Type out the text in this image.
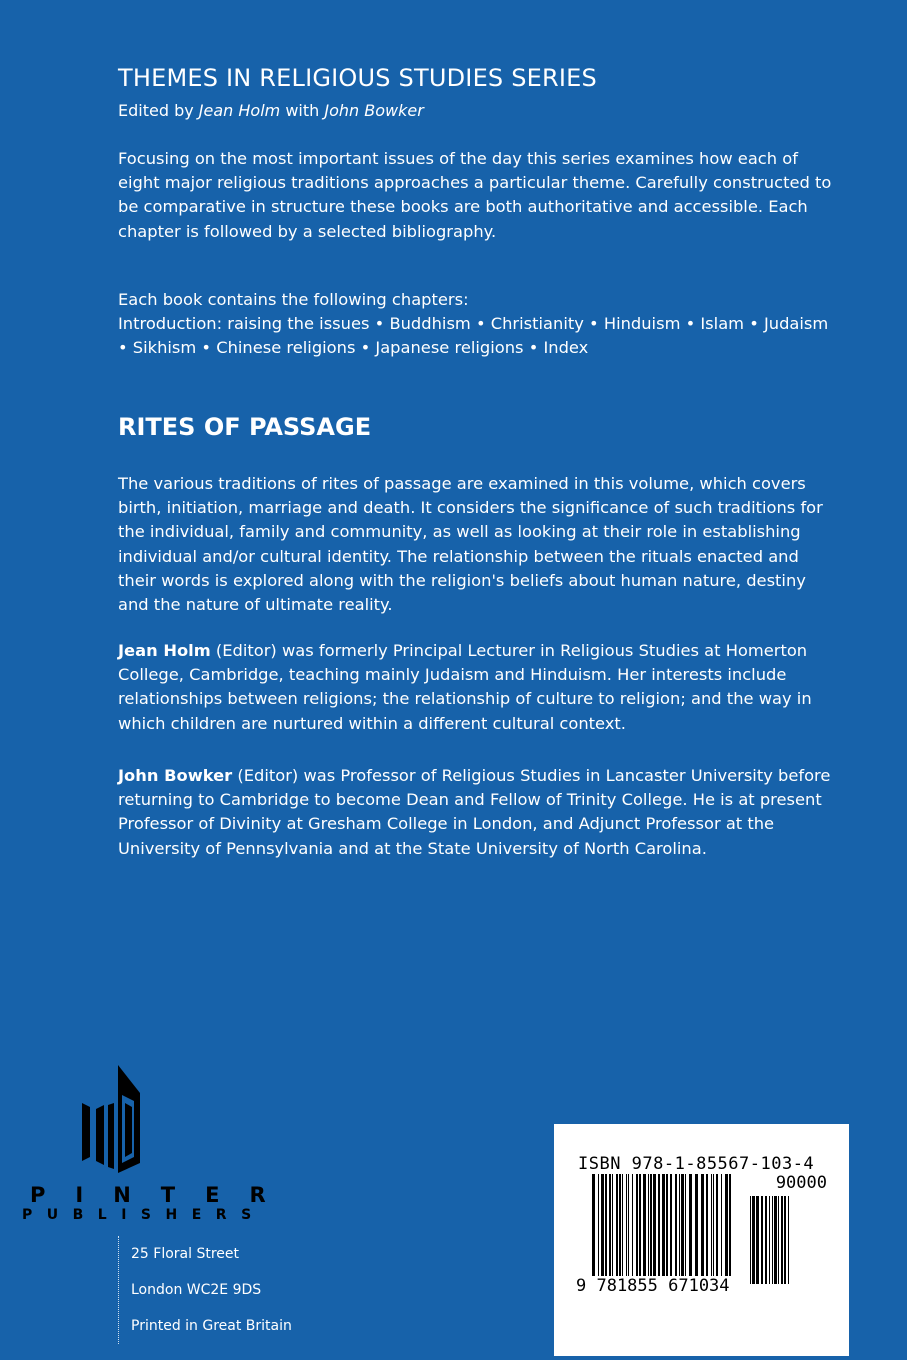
THEMES IN RELIGIOUS STUDIES SERIES
Edited by Jean Holm with John Bowker

Focusing on the most important issues of the day this series examines how each of eight major religious traditions approaches a particular theme. Carefully constructed to be comparative in structure these books are both authoritative and accessible. Each chapter is followed by a selected bibliography.

Each book contains the following chapters:
Introduction: raising the issues • Buddhism • Christianity • Hinduism • Islam • Judaism • Sikhism • Chinese religions • Japanese religions • Index
RITES OF PASSAGE

The various traditions of rites of passage are examined in this volume, which covers birth, initiation, marriage and death. It considers the significance of such traditions for the individual, family and community, as well as looking at their role in establishing individual and/or cultural identity. The relationship between the rituals enacted and their words is explored along with the religion's beliefs about human nature, destiny and the nature of ultimate reality.

Jean Holm (Editor) was formerly Principal Lecturer in Religious Studies at Homerton College, Cambridge, teaching mainly Judaism and Hinduism. Her interests include relationships between religions; the relationship of culture to religion; and the way in which children are nurtured within a different cultural context.

John Bowker (Editor) was Professor of Religious Studies in Lancaster University before returning to Cambridge to become Dean and Fellow of Trinity College. He is at present Professor of Divinity at Gresham College in London, and Adjunct Professor at the University of Pennsylvania and at the State University of North Carolina.

PINTER
PUBLISHERS
25 Floral Street
London WC2E 9DS
Printed in Great Britain
ISBN 978-1-85567-103-4
90000
9 781855 671034
